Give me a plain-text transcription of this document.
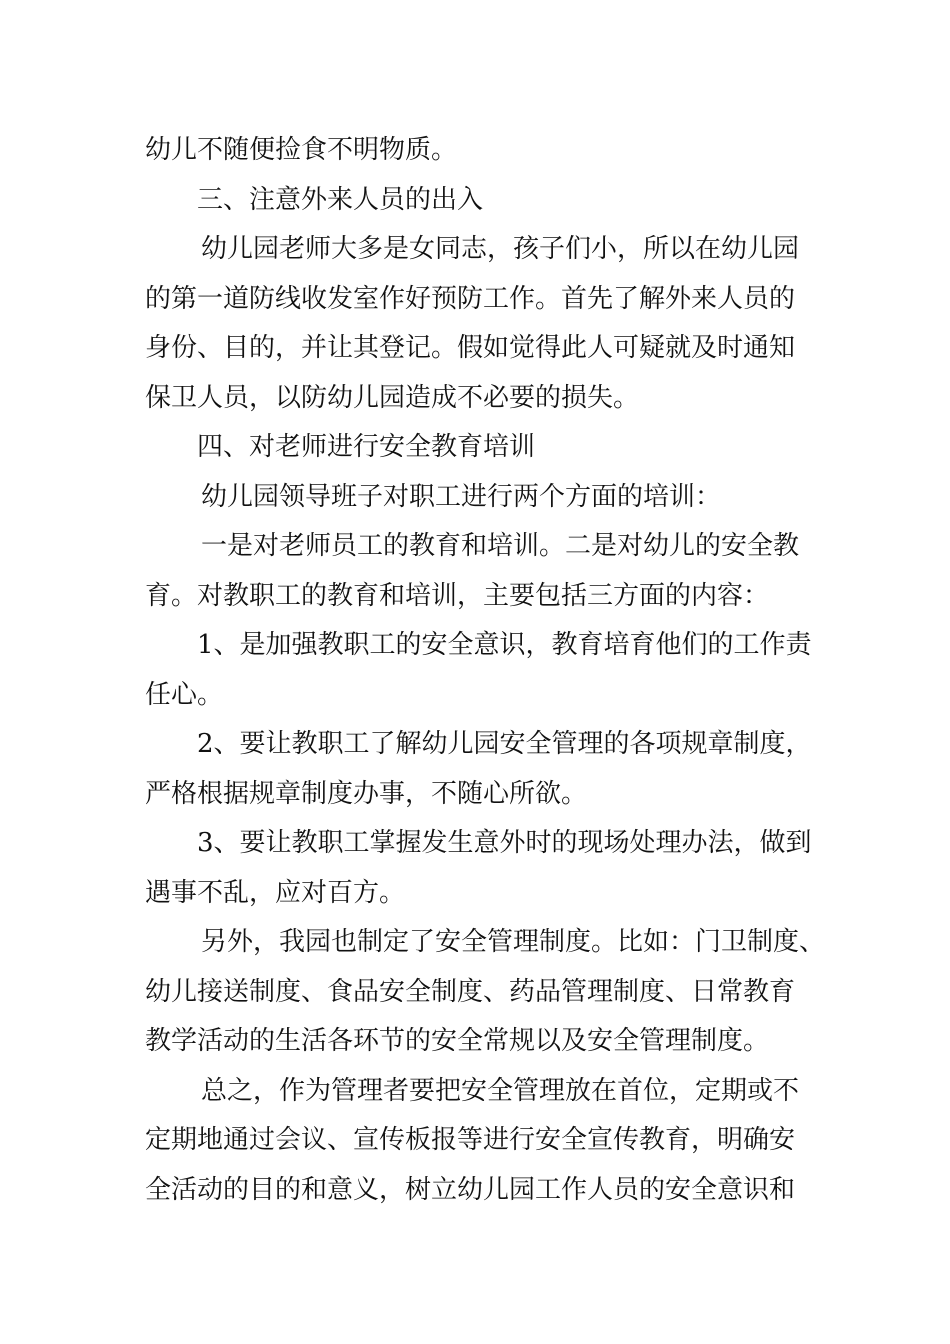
幼儿不随便捡食不明物质。
三、注意外来人员的出入
幼儿园老师大多是女同志，孩子们小，所以在幼儿园
的第一道防线收发室作好预防工作。首先了解外来人员的
身份、目的，并让其登记。假如觉得此人可疑就及时通知
保卫人员，以防幼儿园造成不必要的损失。
四、对老师进行安全教育培训
幼儿园领导班子对职工进行两个方面的培训：
一是对老师员工的教育和培训。二是对幼儿的安全教
育。对教职工的教育和培训，主要包括三方面的内容：
1、是加强教职工的安全意识，教育培育他们的工作责
任心。
2、要让教职工了解幼儿园安全管理的各项规章制度，
严格根据规章制度办事，不随心所欲。
3、要让教职工掌握发生意外时的现场处理办法，做到
遇事不乱，应对百方。
另外，我园也制定了安全管理制度。比如：门卫制度、
幼儿接送制度、食品安全制度、药品管理制度、日常教育
教学活动的生活各环节的安全常规以及安全管理制度。
总之，作为管理者要把安全管理放在首位，定期或不
定期地通过会议、宣传板报等进行安全宣传教育，明确安
全活动的目的和意义，树立幼儿园工作人员的安全意识和
